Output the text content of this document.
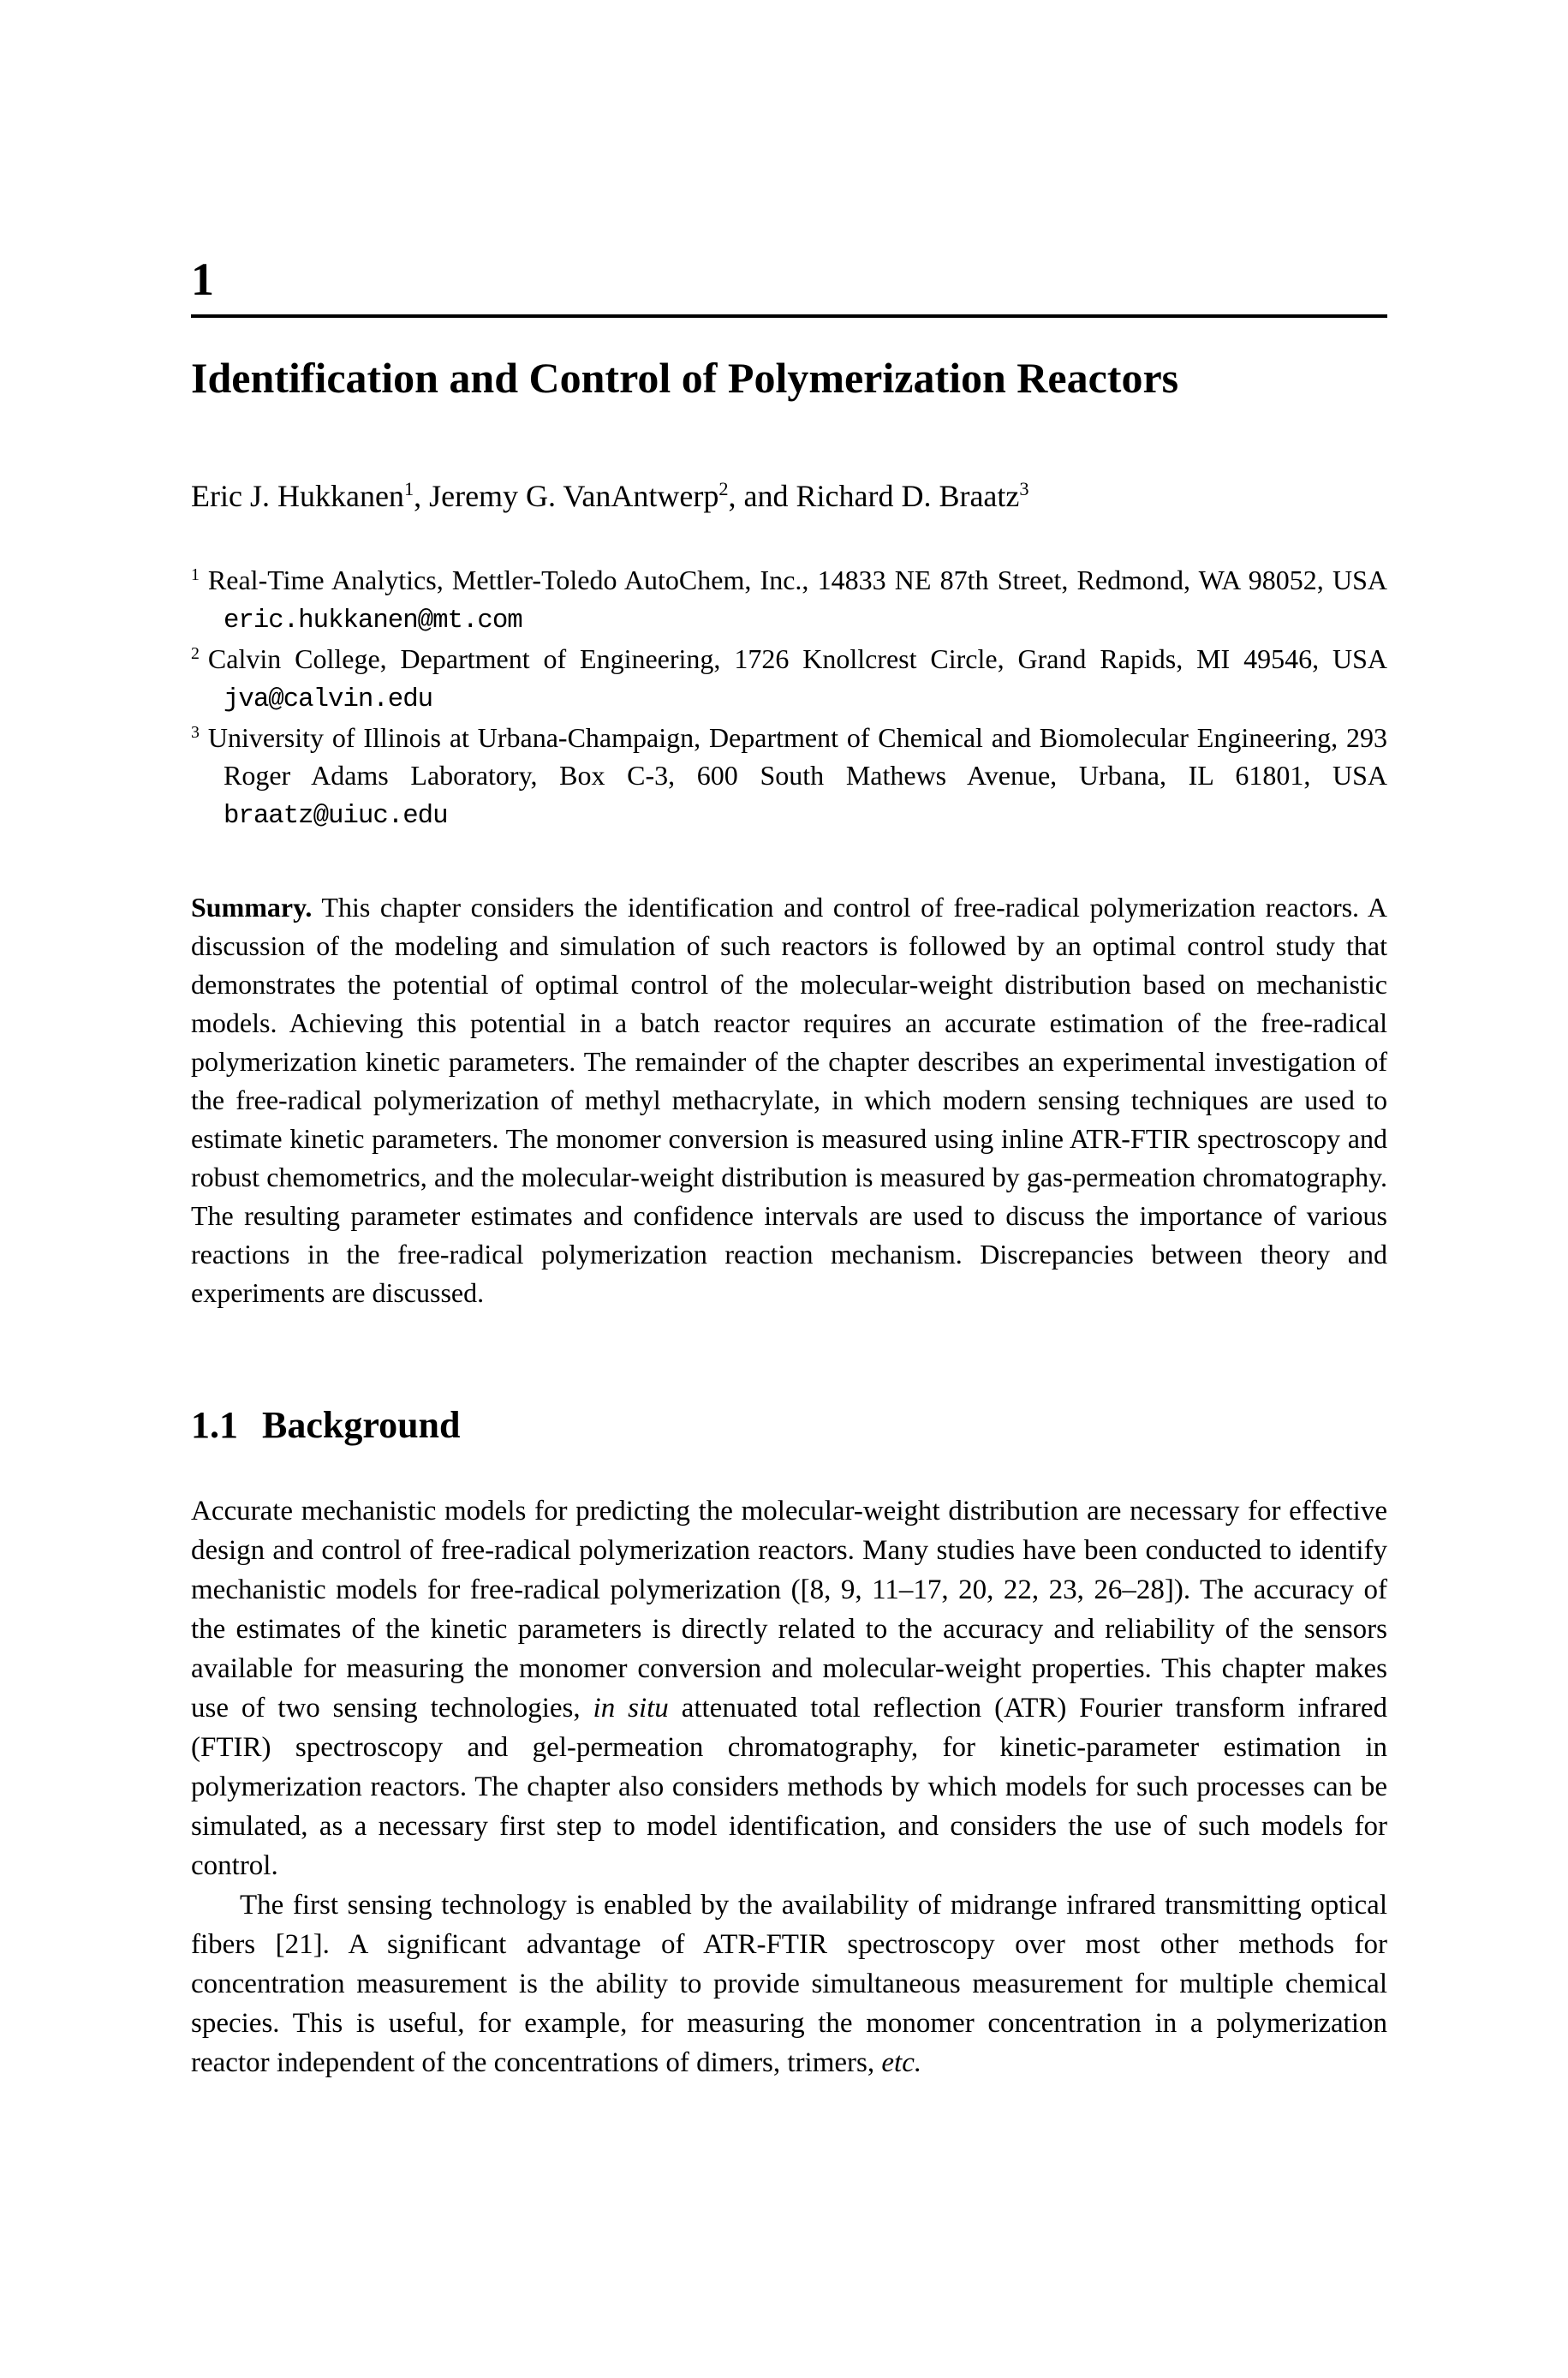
1
Identification and Control of Polymerization Reactors

Eric J. Hukkanen$^1$, Jeremy G. VanAntwerp$^2$, and Richard D. Braatz$^3$

$^1$ Real-Time Analytics, Mettler-Toledo AutoChem, Inc., 14833 NE 87th Street, Redmond, WA 98052, USA eric.hukkanen@mt.com
$^2$ Calvin College, Department of Engineering, 1726 Knollcrest Circle, Grand Rapids, MI 49546, USA jva@calvin.edu
$^3$ University of Illinois at Urbana-Champaign, Department of Chemical and Biomolecular Engineering, 293 Roger Adams Laboratory, Box C-3, 600 South Mathews Avenue, Urbana, IL 61801, USA braatz@uiuc.edu

Summary. This chapter considers the identification and control of free-radical polymerization reactors. A discussion of the modeling and simulation of such reactors is followed by an optimal control study that demonstrates the potential of optimal control of the molecular-weight distribution based on mechanistic models. Achieving this potential in a batch reactor requires an accurate estimation of the free-radical polymerization kinetic parameters. The remainder of the chapter describes an experimental investigation of the free-radical polymerization of methyl methacrylate, in which modern sensing techniques are used to estimate kinetic parameters. The monomer conversion is measured using inline ATR-FTIR spectroscopy and robust chemometrics, and the molecular-weight distribution is measured by gas-permeation chromatography. The resulting parameter estimates and confidence intervals are used to discuss the importance of various reactions in the free-radical polymerization reaction mechanism. Discrepancies between theory and experiments are discussed.

1.1 Background

Accurate mechanistic models for predicting the molecular-weight distribution are necessary for effective design and control of free-radical polymerization reactors. Many studies have been conducted to identify mechanistic models for free-radical polymerization ([8, 9, 11–17, 20, 22, 23, 26–28]). The accuracy of the estimates of the kinetic parameters is directly related to the accuracy and reliability of the sensors available for measuring the monomer conversion and molecular-weight properties. This chapter makes use of two sensing technologies, in situ attenuated total reflection (ATR) Fourier transform infrared (FTIR) spectroscopy and gel-permeation chromatography, for kinetic-parameter estimation in polymerization reactors. The chapter also considers methods by which models for such processes can be simulated, as a necessary first step to model identification, and considers the use of such models for control.

The first sensing technology is enabled by the availability of midrange infrared transmitting optical fibers [21]. A significant advantage of ATR-FTIR spectroscopy over most other methods for concentration measurement is the ability to provide simultaneous measurement for multiple chemical species. This is useful, for example, for measuring the monomer concentration in a polymerization reactor independent of the concentrations of dimers, trimers, etc.
